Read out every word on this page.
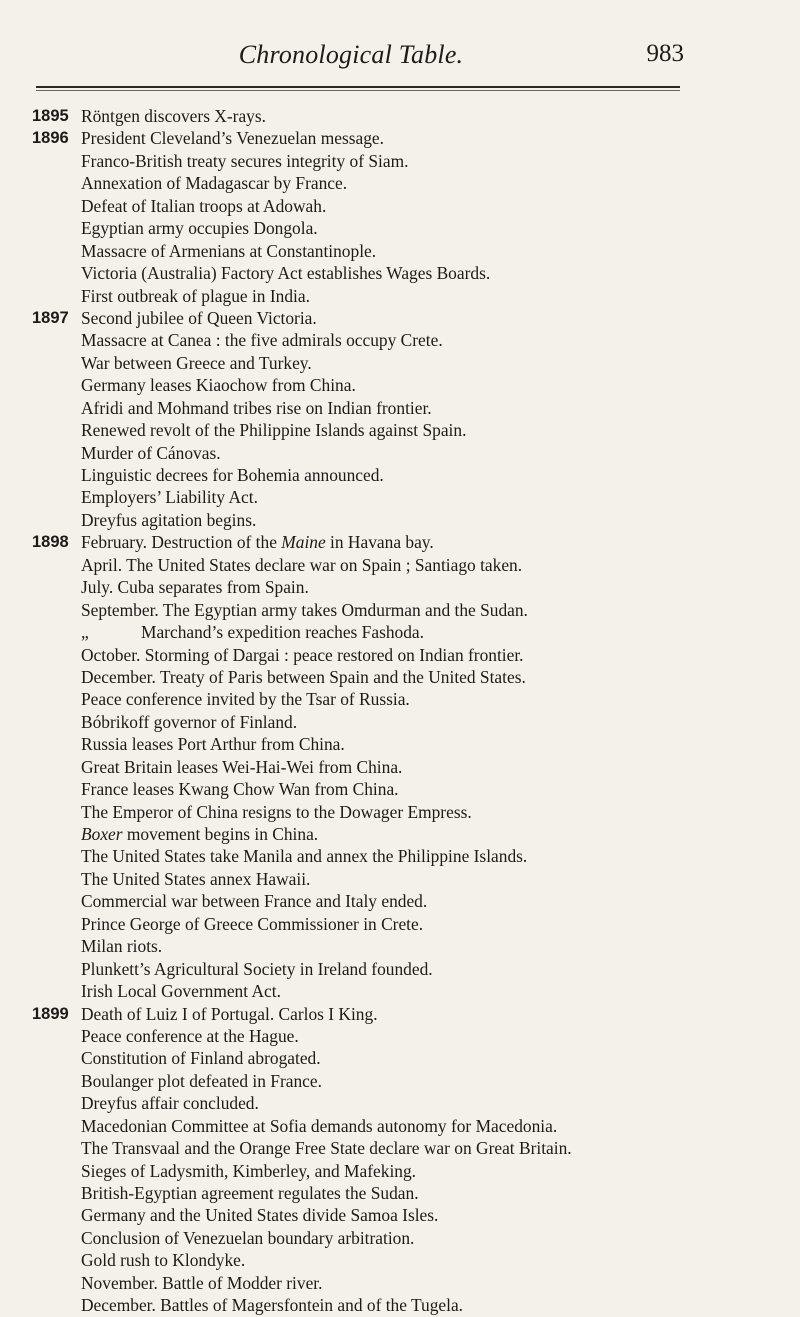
Chronological Table.	983
1895 Röntgen discovers X-rays.
1896 President Cleveland’s Venezuelan message.
Franco-British treaty secures integrity of Siam.
Annexation of Madagascar by France.
Defeat of Italian troops at Adowah.
Egyptian army occupies Dongola.
Massacre of Armenians at Constantinople.
Victoria (Australia) Factory Act establishes Wages Boards.
First outbreak of plague in India.
1897 Second jubilee of Queen Victoria.
Massacre at Canea : the five admirals occupy Crete.
War between Greece and Turkey.
Germany leases Kiaochow from China.
Afridi and Mohmand tribes rise on Indian frontier.
Renewed revolt of the Philippine Islands against Spain.
Murder of Cánovas.
Linguistic decrees for Bohemia announced.
Employers’ Liability Act.
Dreyfus agitation begins.
1898 February. Destruction of the Maine in Havana bay.
April. The United States declare war on Spain ; Santiago taken.
July. Cuba separates from Spain.
September. The Egyptian army takes Omdurman and the Sudan.
„	Marchand’s expedition reaches Fashoda.
October. Storming of Dargai : peace restored on Indian frontier.
December. Treaty of Paris between Spain and the United States.
Peace conference invited by the Tsar of Russia.
Bóbrikoff governor of Finland.
Russia leases Port Arthur from China.
Great Britain leases Wei-Hai-Wei from China.
France leases Kwang Chow Wan from China.
The Emperor of China resigns to the Dowager Empress.
Boxer movement begins in China.
The United States take Manila and annex the Philippine Islands.
The United States annex Hawaii.
Commercial war between France and Italy ended.
Prince George of Greece Commissioner in Crete.
Milan riots.
Plunkett’s Agricultural Society in Ireland founded.
Irish Local Government Act.
1899 Death of Luiz I of Portugal. Carlos I King.
Peace conference at the Hague.
Constitution of Finland abrogated.
Boulanger plot defeated in France.
Dreyfus affair concluded.
Macedonian Committee at Sofia demands autonomy for Macedonia.
The Transvaal and the Orange Free State declare war on Great Britain.
Sieges of Ladysmith, Kimberley, and Mafeking.
British-Egyptian agreement regulates the Sudan.
Germany and the United States divide Samoa Isles.
Conclusion of Venezuelan boundary arbitration.
Gold rush to Klondyke.
November. Battle of Modder river.
December. Battles of Magersfontein and of the Tugela.
